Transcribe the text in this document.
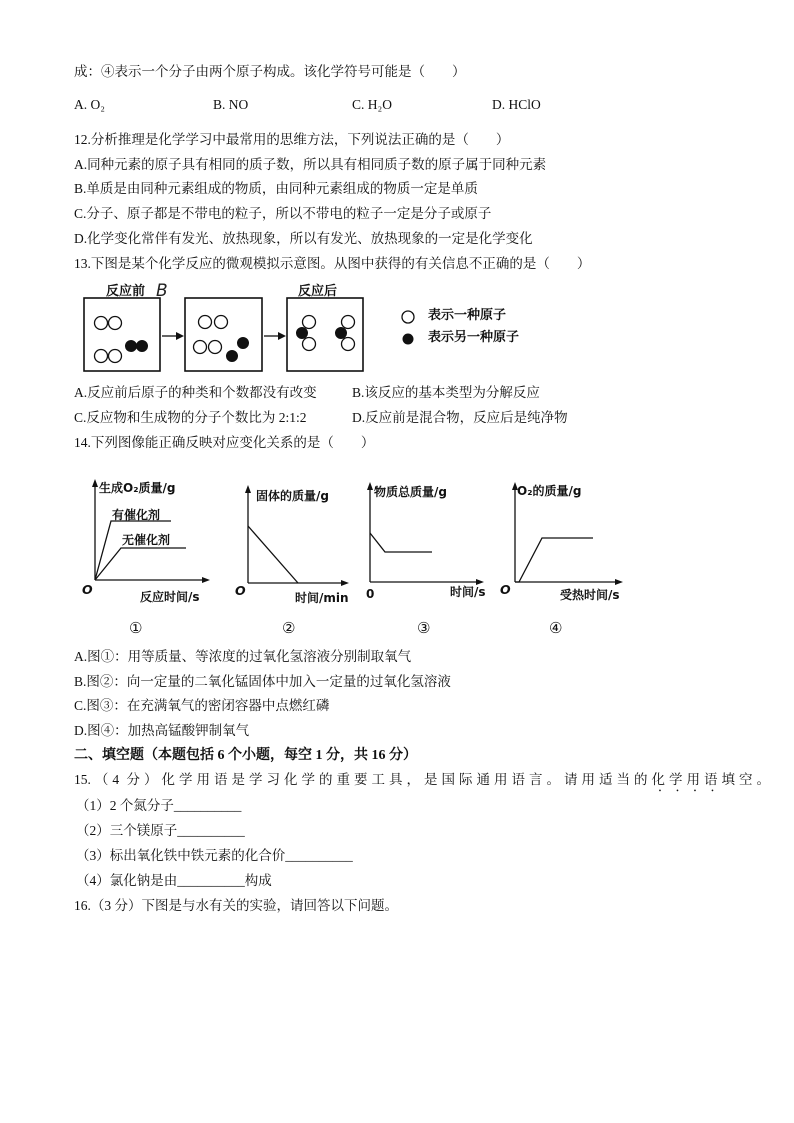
成：④表示一个分子由两个原子构成。该化学符号可能是（　　）
A. O₂	B. NO	C. H₂O	D. HClO
12.分析推理是化学学习中最常用的思维方法，下列说法正确的是（　　）
A.同种元素的原子具有相同的质子数，所以具有相同质子数的原子属于同种元素
B.单质是由同种元素组成的物质，由同种元素组成的物质一定是单质
C.分子、原子都是不带电的粒子，所以不带电的粒子一定是分子或原子
D.化学变化常伴有发光、放热现象，所以有发光、放热现象的一定是化学变化
13.下图是某个化学反应的微观模拟示意图。从图中获得的有关信息不正确的是（　　）
反应前 B	反应后
表示一种原子
表示另一种原子
A.反应前后原子的种类和个数都没有改变	B.该反应的基本类型为分解反应
C.反应物和生成物的分子个数比为 2:1:2	D.反应前是混合物，反应后是纯净物
14.下列图像能正确反映对应变化关系的是（　　）
生成O₂质量/g
有催化剂
无催化剂
O	反应时间/s
①
固体的质量/g
O	时间/min
②
物质总质量/g
0	时间/s
③
O₂的质量/g
O	受热时间/s
④
A.图①：用等质量、等浓度的过氧化氢溶液分别制取氧气
B.图②：向一定量的二氧化锰固体中加入一定量的过氧化氢溶液
C.图③：在充满氧气的密闭容器中点燃红磷
D.图④：加热高锰酸钾制氧气
二、填空题（本题包括 6 个小题，每空 1 分，共 16 分）
15.（4 分）化学用语是学习化学的重要工具，是国际通用语言。请用适当的化学用语填空。
（1）2 个氮分子__________
（2）三个镁原子__________
（3）标出氧化铁中铁元素的化合价__________
（4）氯化钠是由__________构成
16.（3 分）下图是与水有关的实验，请回答以下问题。
